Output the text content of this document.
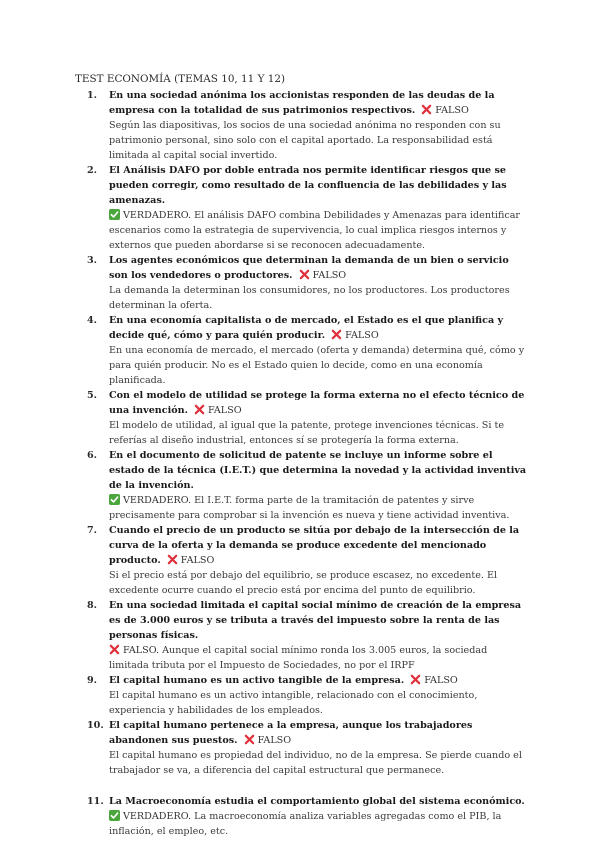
TEST ECONOMÍA (TEMAS 10, 11 Y 12)
1.	En una sociedad anónima los accionistas responden de las deudas de la empresa con la totalidad de sus patrimonios respectivos. FALSO
Según las diapositivas, los socios de una sociedad anónima no responden con su patrimonio personal, sino solo con el capital aportado. La responsabilidad está limitada al capital social invertido.
2.	El Análisis DAFO por doble entrada nos permite identificar riesgos que se pueden corregir, como resultado de la confluencia de las debilidades y las amenazas.
VERDADERO. El análisis DAFO combina Debilidades y Amenazas para identificar escenarios como la estrategia de supervivencia, lo cual implica riesgos internos y externos que pueden abordarse si se reconocen adecuadamente.
3.	Los agentes económicos que determinan la demanda de un bien o servicio son los vendedores o productores. FALSO
La demanda la determinan los consumidores, no los productores. Los productores determinan la oferta.
4.	En una economía capitalista o de mercado, el Estado es el que planifica y decide qué, cómo y para quién producir. FALSO
En una economía de mercado, el mercado (oferta y demanda) determina qué, cómo y para quién producir. No es el Estado quien lo decide, como en una economía planificada.
5.	Con el modelo de utilidad se protege la forma externa no el efecto técnico de una invención. FALSO
El modelo de utilidad, al igual que la patente, protege invenciones técnicas. Si te referías al diseño industrial, entonces sí se protegería la forma externa.
6.	En el documento de solicitud de patente se incluye un informe sobre el estado de la técnica (I.E.T.) que determina la novedad y la actividad inventiva de la invención.
VERDADERO. El I.E.T. forma parte de la tramitación de patentes y sirve precisamente para comprobar si la invención es nueva y tiene actividad inventiva.
7.	Cuando el precio de un producto se sitúa por debajo de la intersección de la curva de la oferta y la demanda se produce excedente del mencionado producto. FALSO
Si el precio está por debajo del equilibrio, se produce escasez, no excedente. El excedente ocurre cuando el precio está por encima del punto de equilibrio.
8.	En una sociedad limitada el capital social mínimo de creación de la empresa es de 3.000 euros y se tributa a través del impuesto sobre la renta de las personas físicas.
FALSO. Aunque el capital social mínimo ronda los 3.005 euros, la sociedad limitada tributa por el Impuesto de Sociedades, no por el IRPF
9.	El capital humano es un activo tangible de la empresa. FALSO
El capital humano es un activo intangible, relacionado con el conocimiento, experiencia y habilidades de los empleados.
10. El capital humano pertenece a la empresa, aunque los trabajadores abandonen sus puestos. FALSO
El capital humano es propiedad del individuo, no de la empresa. Se pierde cuando el trabajador se va, a diferencia del capital estructural que permanece.
11. La Macroeconomía estudia el comportamiento global del sistema económico.
VERDADERO. La macroeconomía analiza variables agregadas como el PIB, la inflación, el empleo, etc.
